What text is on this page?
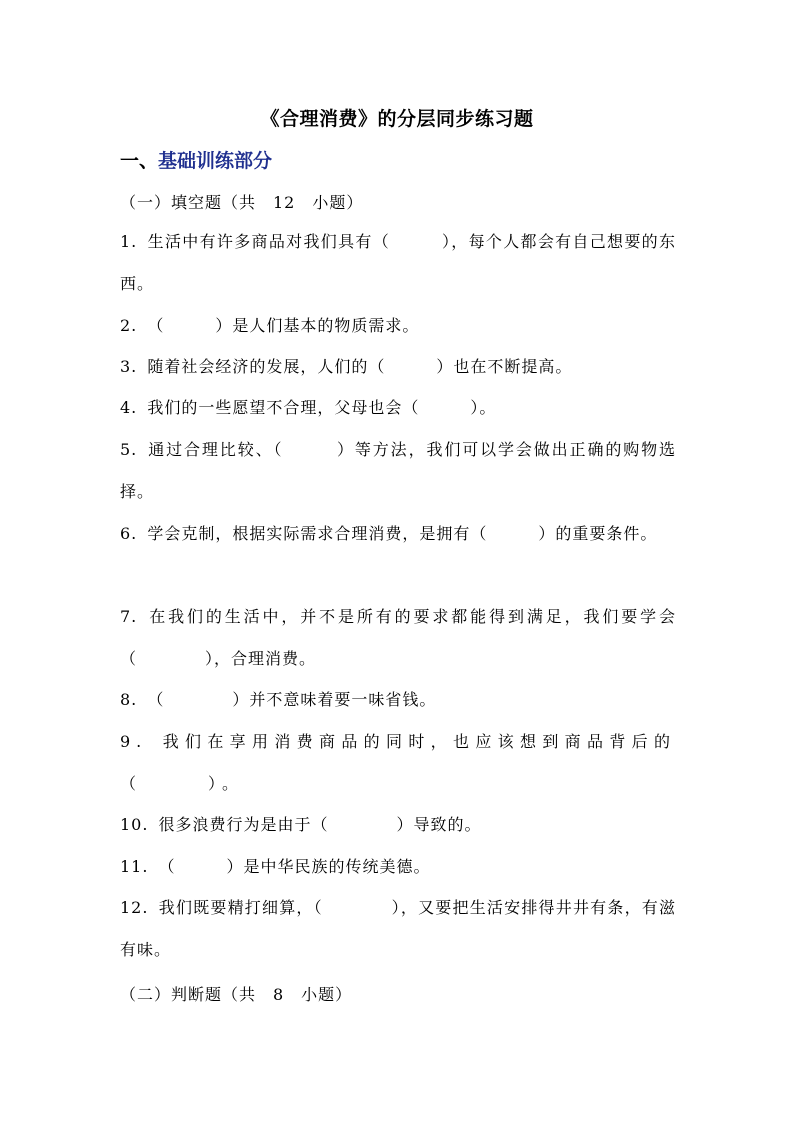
《合理消费》的分层同步练习题
一、基础训练部分
（一）填空题（共　12　小题）
1. 生活中有许多商品对我们具有（　　　），每个人都会有自己想要的东西。
2. （　　　）是人们基本的物质需求。
3. 随着社会经济的发展，人们的（　　　）也在不断提高。
4. 我们的一些愿望不合理，父母也会（　　　）。
5. 通过合理比较、（　　　）等方法，我们可以学会做出正确的购物选择。
6. 学会克制，根据实际需求合理消费，是拥有（　　　）的重要条件。
7. 在我们的生活中，并不是所有的要求都能得到满足，我们要学会（　　　　），合理消费。
8. （　　　　）并不意味着要一味省钱。
9. 我们在享用消费商品的同时，也应该想到商品背后的（　　　）。
10. 很多浪费行为是由于（　　　　）导致的。
11. （　　　）是中华民族的传统美德。
12. 我们既要精打细算，（　　　　），又要把生活安排得井井有条，有滋有味。
（二）判断题（共　8　小题）
